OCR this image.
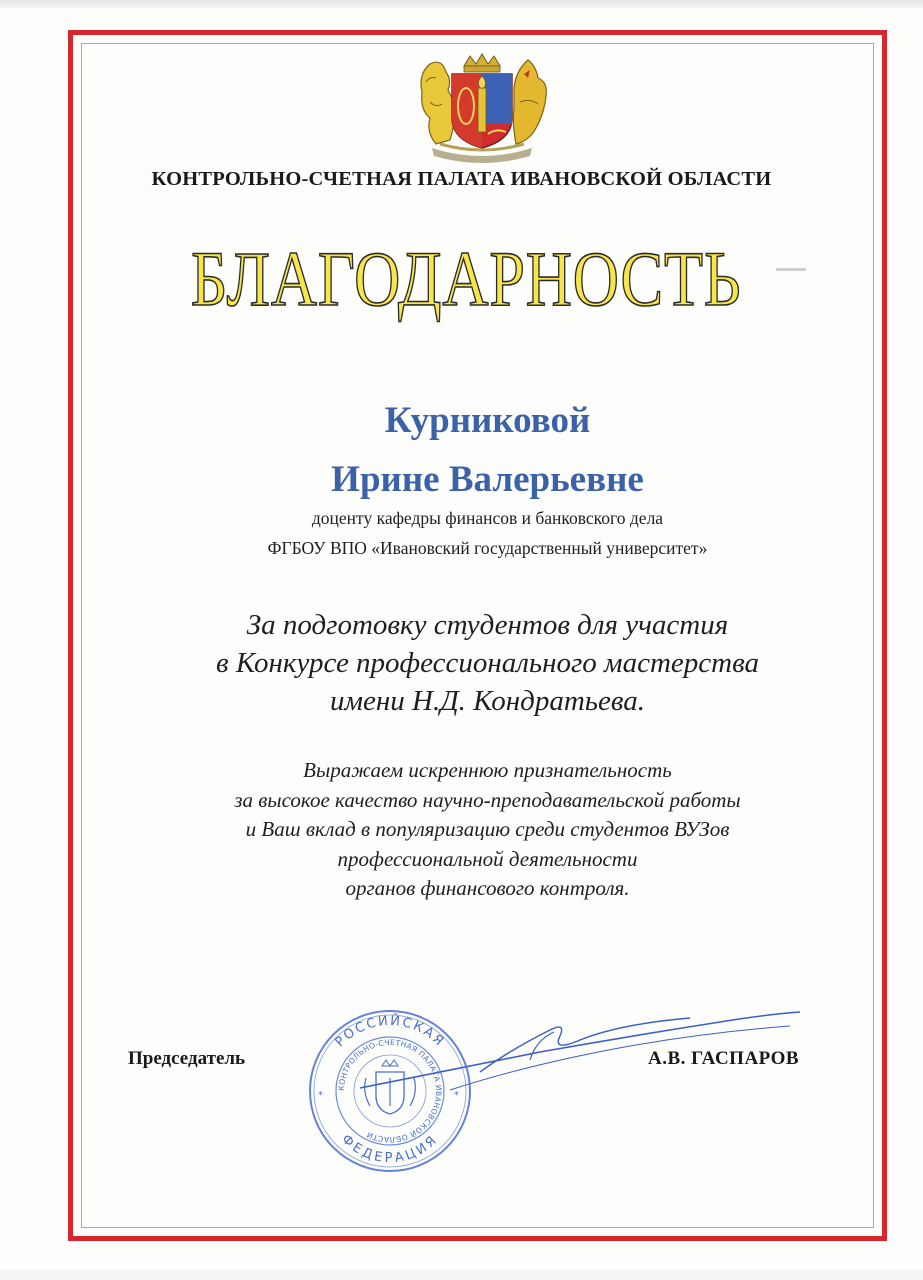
КОНТРОЛЬНО-СЧЕТНАЯ ПАЛАТА ИВАНОВСКОЙ ОБЛАСТИ
БЛАГОДАРНОСТЬ
Курниковой
Ирине Валерьевне
доценту кафедры финансов и банковского дела
ФГБОУ ВПО «Ивановский государственный университет»
За подготовку студентов для участия
в Конкурсе профессионального мастерства
имени Н.Д. Кондратьева.
Выражаем искреннюю признательность
за высокое качество научно-преподавательской работы
и Ваш вклад в популяризацию среди студентов ВУЗов
профессиональной деятельности
органов финансового контроля.
Председатель	А.В. ГАСПАРОВ
РОССИЙСКАЯ
ФЕДЕРАЦИЯ
КОНТРОЛЬНО-СЧЕТНАЯ ПАЛАТА ИВАНОВСКОЙ ОБЛАСТИ
*	*
